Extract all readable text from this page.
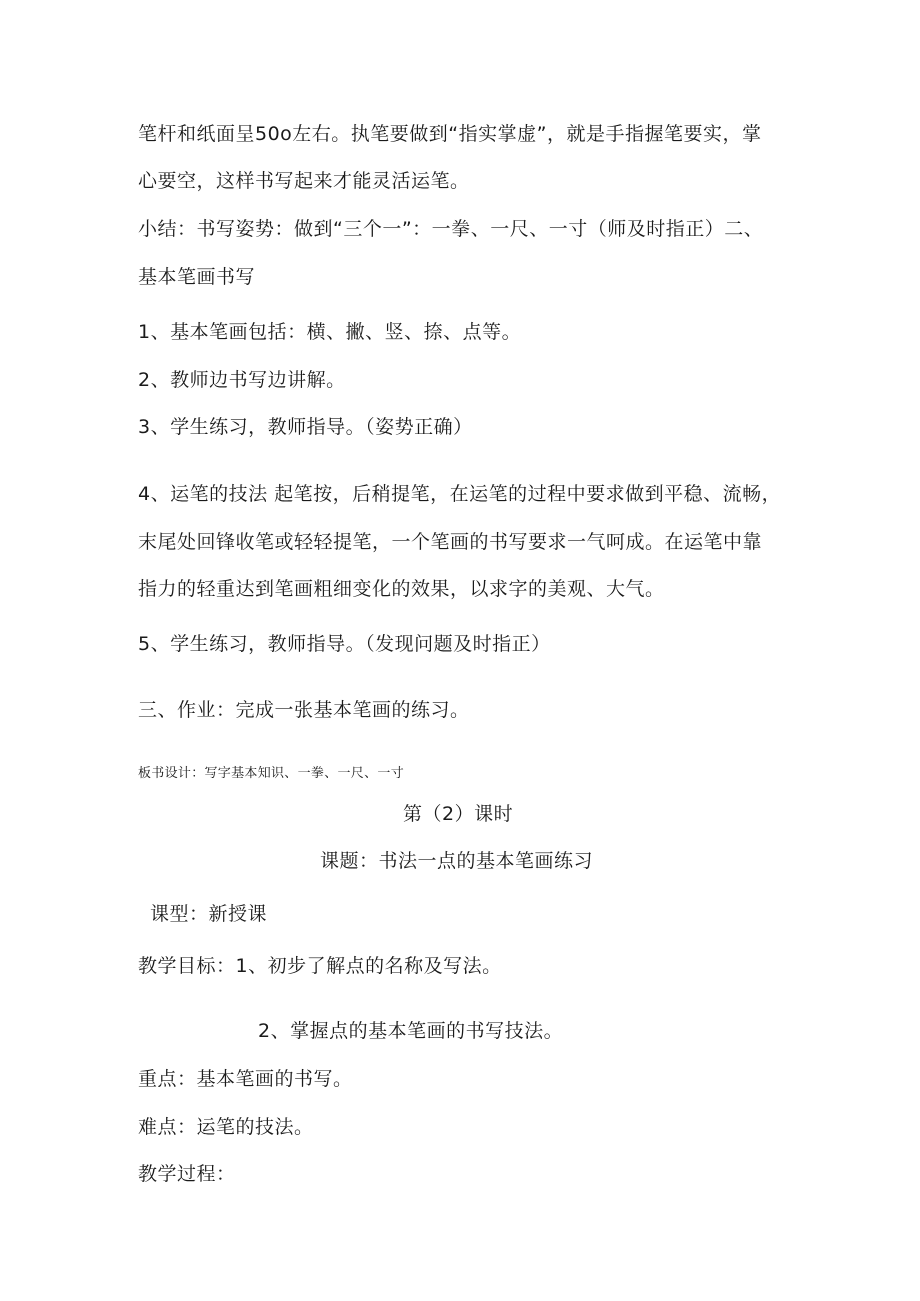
笔杆和纸面呈50o左右。执笔要做到“指实掌虚”，就是手指握笔要实，掌
心要空，这样书写起来才能灵活运笔。
小结：书写姿势：做到“三个一”：一拳、一尺、一寸（师及时指正）二、
基本笔画书写
1、基本笔画包括：横、撇、竖、捺、点等。
2、教师边书写边讲解。
3、学生练习，教师指导。（姿势正确）
4、运笔的技法 起笔按，后稍提笔，在运笔的过程中要求做到平稳、流畅，
末尾处回锋收笔或轻轻提笔，一个笔画的书写要求一气呵成。在运笔中靠
指力的轻重达到笔画粗细变化的效果，以求字的美观、大气。
5、学生练习，教师指导。（发现问题及时指正）
三、作业：完成一张基本笔画的练习。
板书设计：写字基本知识、一拳、一尺、一寸
第（2）课时
课题：书法一点的基本笔画练习
课型：新授课
教学目标：1、初步了解点的名称及写法。
2、掌握点的基本笔画的书写技法。
重点：基本笔画的书写。
难点：运笔的技法。
教学过程：
